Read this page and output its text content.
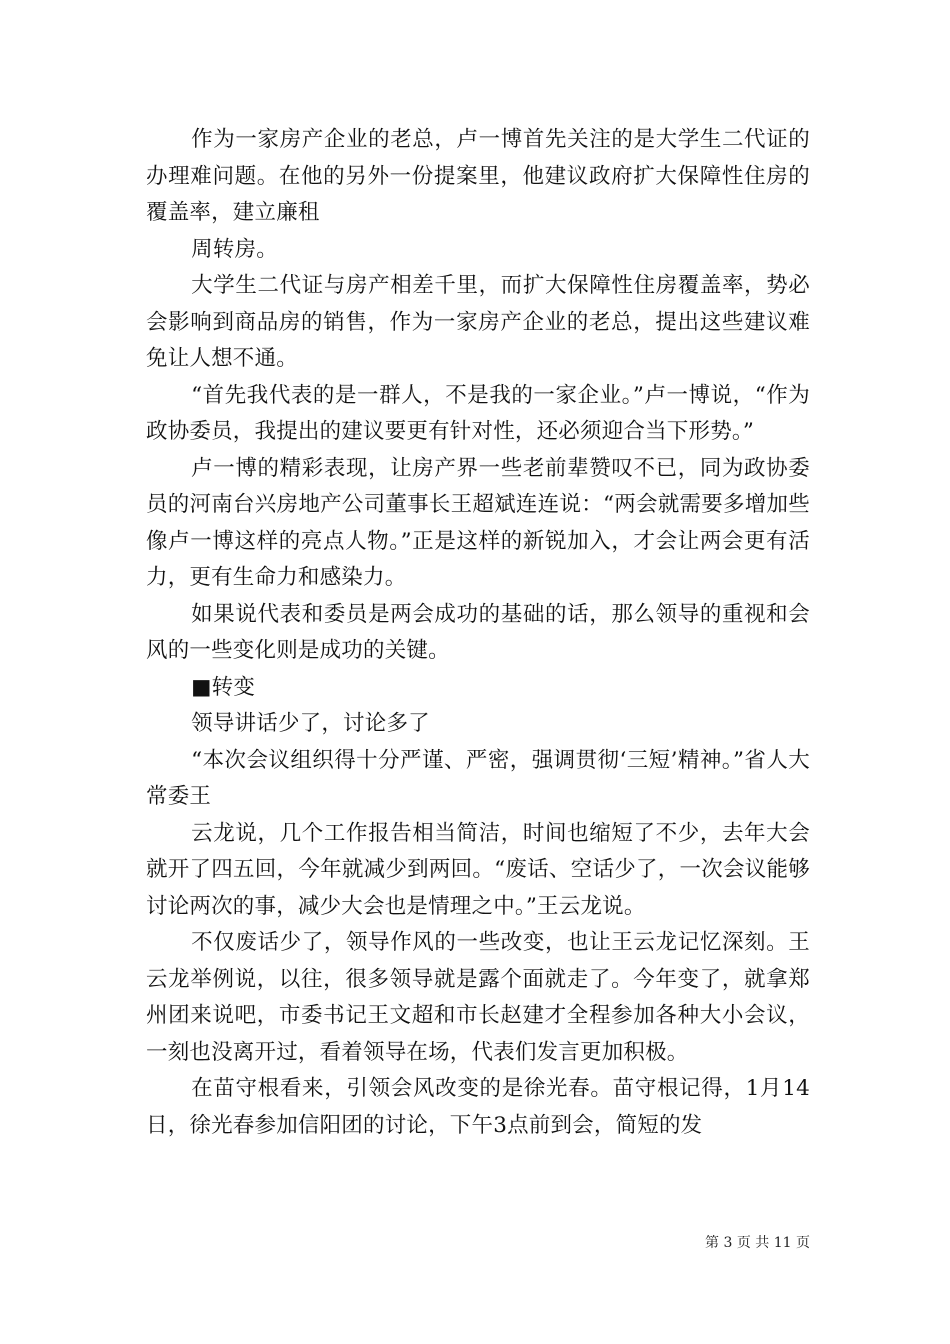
作为一家房产企业的老总，卢一博首先关注的是大学生二代证的办理难问题。在他的另外一份提案里，他建议政府扩大保障性住房的覆盖率，建立廉租

周转房。

大学生二代证与房产相差千里，而扩大保障性住房覆盖率，势必会影响到商品房的销售，作为一家房产企业的老总，提出这些建议难免让人想不通。

“首先我代表的是一群人，不是我的一家企业。”卢一博说，“作为政协委员，我提出的建议要更有针对性，还必须迎合当下形势。”

卢一博的精彩表现，让房产界一些老前辈赞叹不已，同为政协委员的河南台兴房地产公司董事长王超斌连连说：“两会就需要多增加些像卢一博这样的亮点人物。”正是这样的新锐加入，才会让两会更有活力，更有生命力和感染力。

如果说代表和委员是两会成功的基础的话，那么领导的重视和会风的一些变化则是成功的关键。

■转变

领导讲话少了，讨论多了

“本次会议组织得十分严谨、严密，强调贯彻‘三短’精神。”省人大常委王

云龙说，几个工作报告相当简洁，时间也缩短了不少，去年大会就开了四五回，今年就减少到两回。“废话、空话少了，一次会议能够讨论两次的事，减少大会也是情理之中。”王云龙说。

不仅废话少了，领导作风的一些改变，也让王云龙记忆深刻。王云龙举例说，以往，很多领导就是露个面就走了。今年变了，就拿郑州团来说吧，市委书记王文超和市长赵建才全程参加各种大小会议，一刻也没离开过，看着领导在场，代表们发言更加积极。

在苗守根看来，引领会风改变的是徐光春。苗守根记得，1月14日，徐光春参加信阳团的讨论，下午3点前到会，简短的发

第 3 页 共 11 页
